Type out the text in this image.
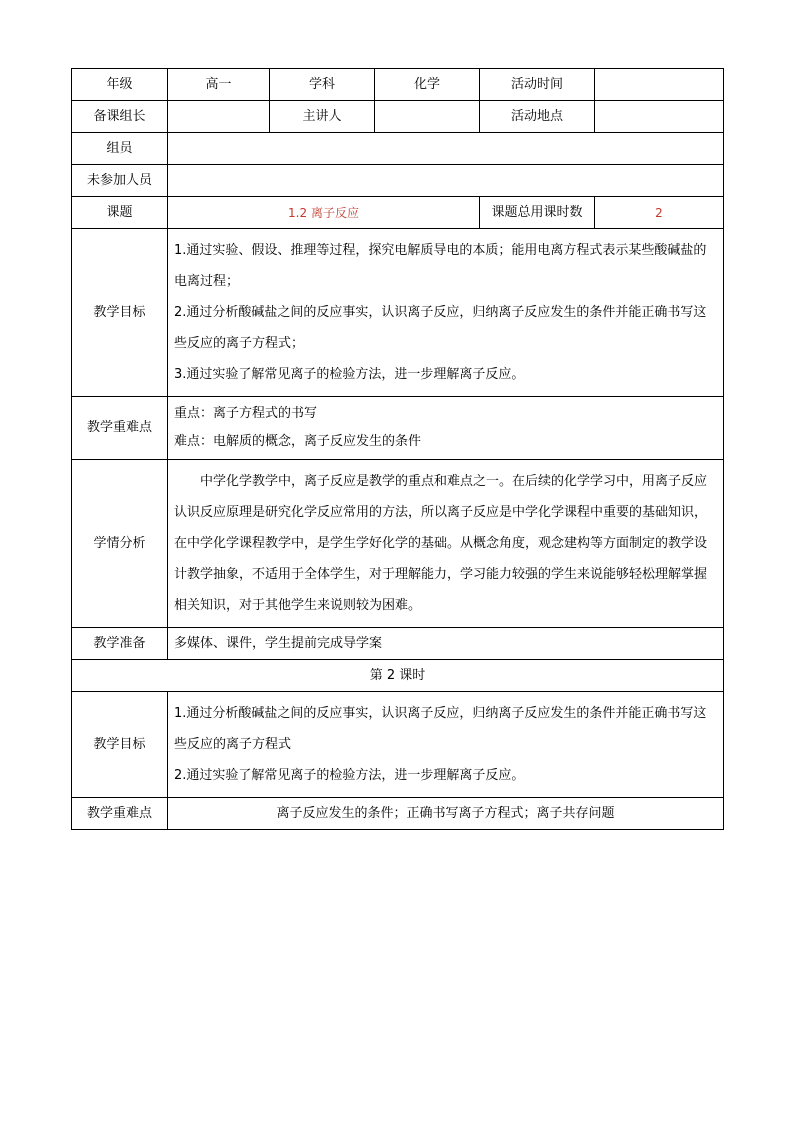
年级	高一	学科	化学	活动时间	
备课组长		主讲人		活动地点	
组员					
未参加人员					
课题	1.2 离子反应			课题总用课时数	2
教学目标	1.通过实验、假设、推理等过程，探究电解质导电的本质；能用电离方程式表示某些酸碱盐的电离过程；
2.通过分析酸碱盐之间的反应事实，认识离子反应，归纳离子反应发生的条件并能正确书写这些反应的离子方程式；
3.通过实验了解常见离子的检验方法，进一步理解离子反应。				

教学重难点	重点：离子方程式的书写
难点：电解质的概念，离子反应发生的条件				

学情分析	中学化学教学中，离子反应是教学的重点和难点之一。在后续的化学学习中，用离子反应认识反应原理是研究化学反应常用的方法，所以离子反应是中学化学课程中重要的基础知识，在中学化学课程教学中，是学生学好化学的基础。从概念角度，观念建构等方面制定的教学设计教学抽象，不适用于全体学生，对于理解能力，学习能力较强的学生来说能够轻松理解掌握相关知识，对于其他学生来说则较为困难。				

教学准备	多媒体、课件，学生提前完成导学案				
第 2 课时					
教学目标	1.通过分析酸碱盐之间的反应事实，认识离子反应，归纳离子反应发生的条件并能正确书写这些反应的离子方程式
2.通过实验了解常见离子的检验方法，进一步理解离子反应。				

教学重难点	离子反应发生的条件；正确书写离子方程式；离子共存问题				
